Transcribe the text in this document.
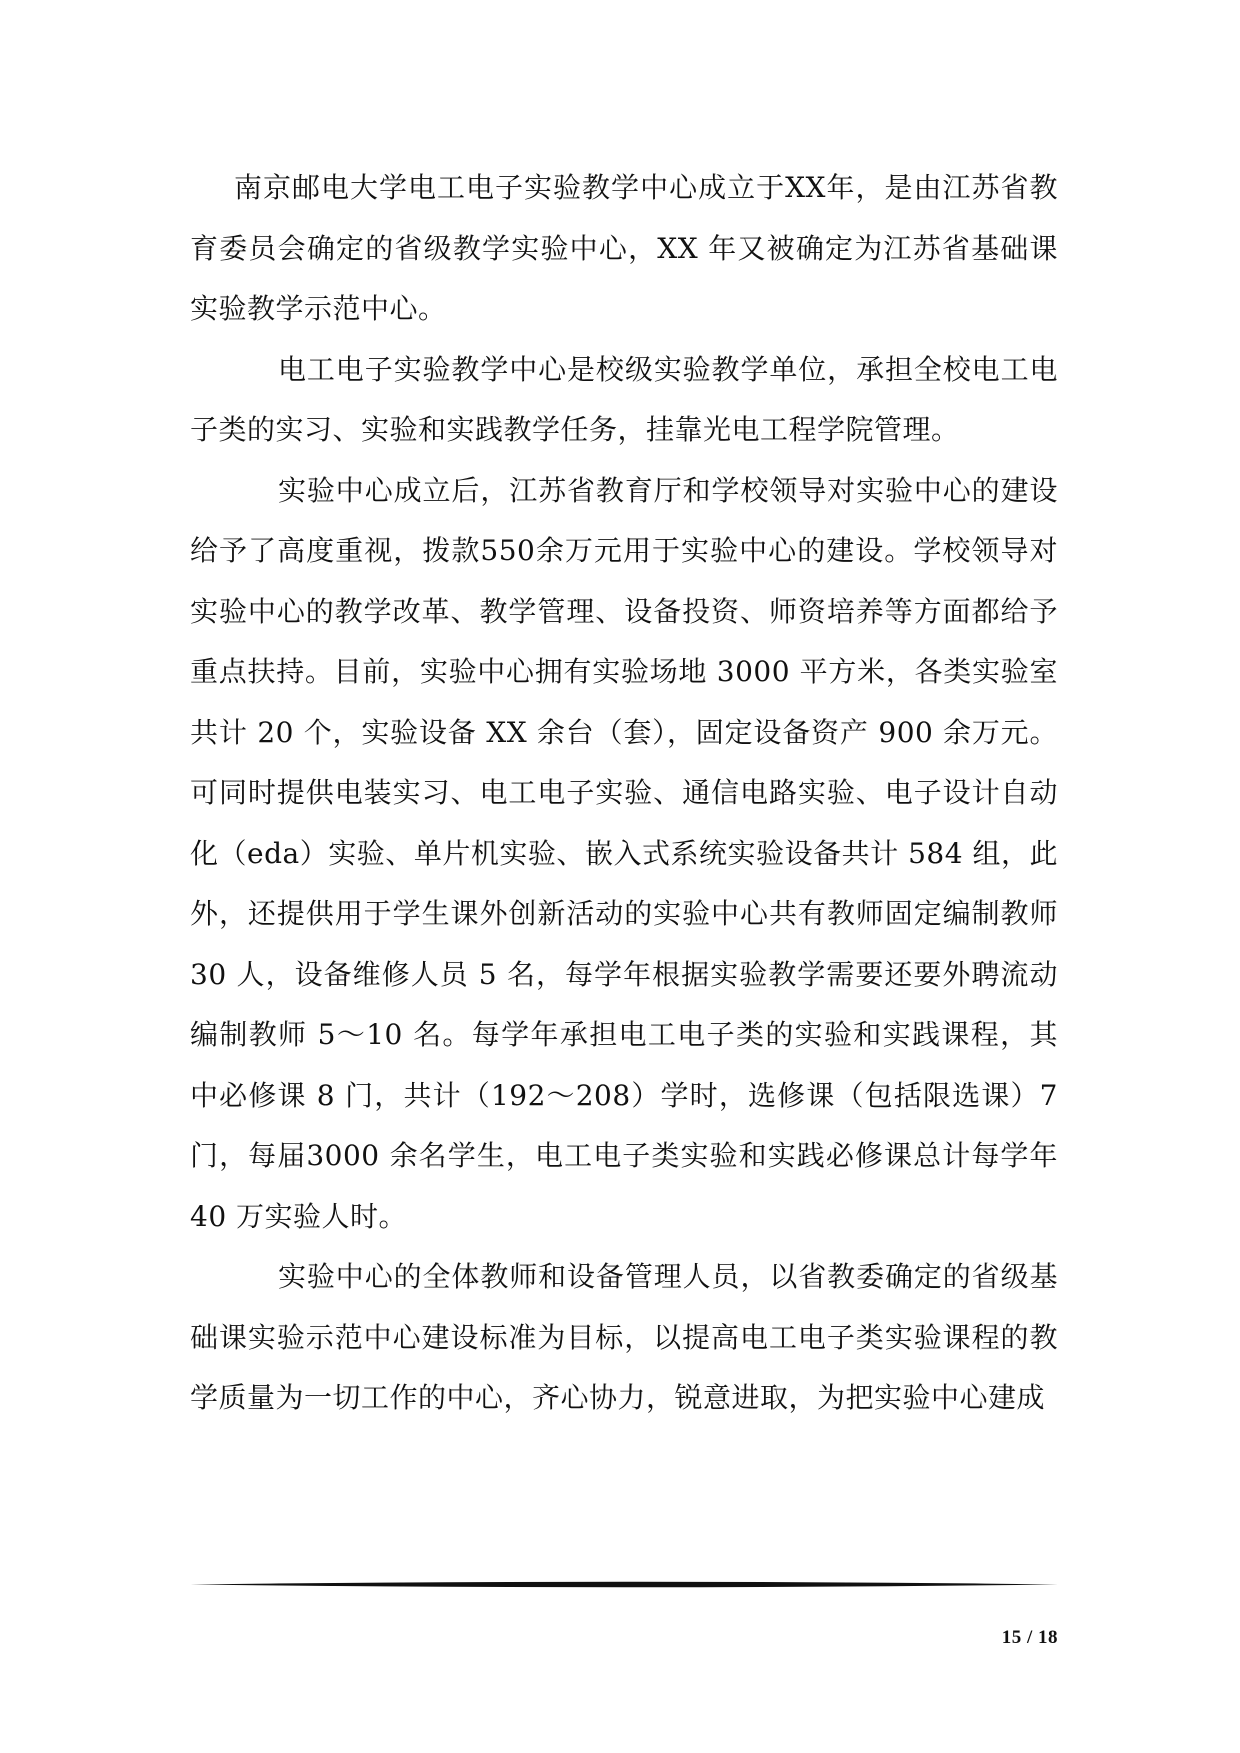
南京邮电大学电工电子实验教学中心成立于XX年，是由江苏省教育委员会确定的省级教学实验中心，XX 年又被确定为江苏省基础课实验教学示范中心。

电工电子实验教学中心是校级实验教学单位，承担全校电工电子类的实习、实验和实践教学任务，挂靠光电工程学院管理。

实验中心成立后，江苏省教育厅和学校领导对实验中心的建设给予了高度重视，拨款550余万元用于实验中心的建设。学校领导对实验中心的教学改革、教学管理、设备投资、师资培养等方面都给予重点扶持。目前，实验中心拥有实验场地 3000 平方米，各类实验室共计 20 个，实验设备 XX 余台（套），固定设备资产 900 余万元。可同时提供电装实习、电工电子实验、通信电路实验、电子设计自动化（eda）实验、单片机实验、嵌入式系统实验设备共计 584 组，此外，还提供用于学生课外创新活动的实验中心共有教师固定编制教师 30 人，设备维修人员 5 名，每学年根据实验教学需要还要外聘流动编制教师 5～10 名。每学年承担电工电子类的实验和实践课程，其中必修课 8 门，共计（192～208）学时，选修课（包括限选课）7 门，每届3000 余名学生，电工电子类实验和实践必修课总计每学年 40 万实验人时。

实验中心的全体教师和设备管理人员，以省教委确定的省级基础课实验示范中心建设标准为目标，以提高电工电子类实验课程的教学质量为一切工作的中心，齐心协力，锐意进取，为把实验中心建成

15 / 18
